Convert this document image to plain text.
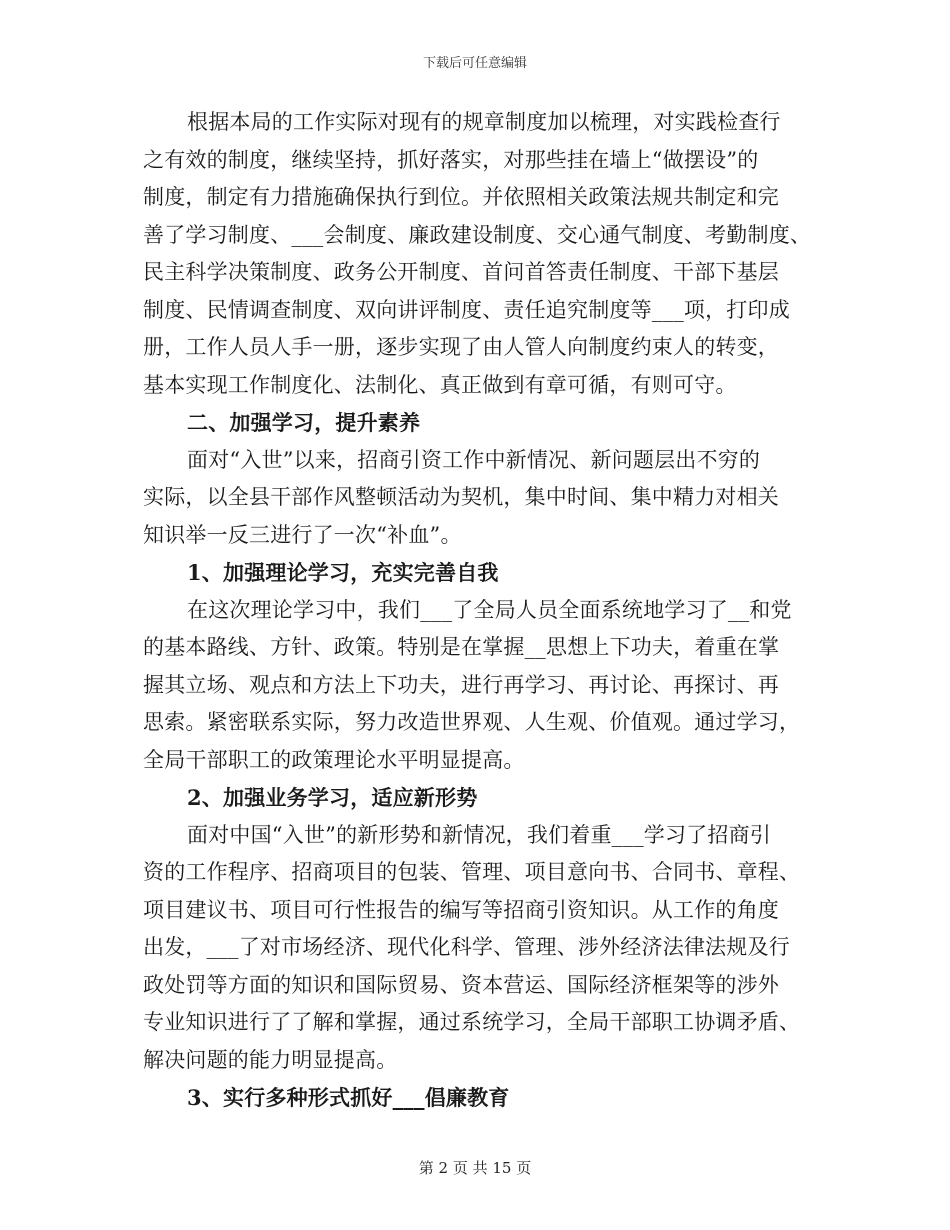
下载后可任意编辑
根据本局的工作实际对现有的规章制度加以梳理，对实践检查行
之有效的制度，继续坚持，抓好落实，对那些挂在墙上“做摆设”的
制度，制定有力措施确保执行到位。并依照相关政策法规共制定和完
善了学习制度、___会制度、廉政建设制度、交心通气制度、考勤制度、
民主科学决策制度、政务公开制度、首问首答责任制度、干部下基层
制度、民情调查制度、双向讲评制度、责任追究制度等___项，打印成
册，工作人员人手一册，逐步实现了由人管人向制度约束人的转变，
基本实现工作制度化、法制化、真正做到有章可循，有则可守。
二、加强学习，提升素养
面对“入世”以来，招商引资工作中新情况、新问题层出不穷的
实际，以全县干部作风整顿活动为契机，集中时间、集中精力对相关
知识举一反三进行了一次“补血”。
1、加强理论学习，充实完善自我
在这次理论学习中，我们___了全局人员全面系统地学习了__和党
的基本路线、方针、政策。特别是在掌握__思想上下功夫，着重在掌
握其立场、观点和方法上下功夫，进行再学习、再讨论、再探讨、再
思索。紧密联系实际，努力改造世界观、人生观、价值观。通过学习，
全局干部职工的政策理论水平明显提高。
2、加强业务学习，适应新形势
面对中国“入世”的新形势和新情况，我们着重___学习了招商引
资的工作程序、招商项目的包装、管理、项目意向书、合同书、章程、
项目建议书、项目可行性报告的编写等招商引资知识。从工作的角度
出发，___了对市场经济、现代化科学、管理、涉外经济法律法规及行
政处罚等方面的知识和国际贸易、资本营运、国际经济框架等的涉外
专业知识进行了了解和掌握，通过系统学习，全局干部职工协调矛盾、
解决问题的能力明显提高。
3、实行多种形式抓好___倡廉教育
第 2 页 共 15 页
